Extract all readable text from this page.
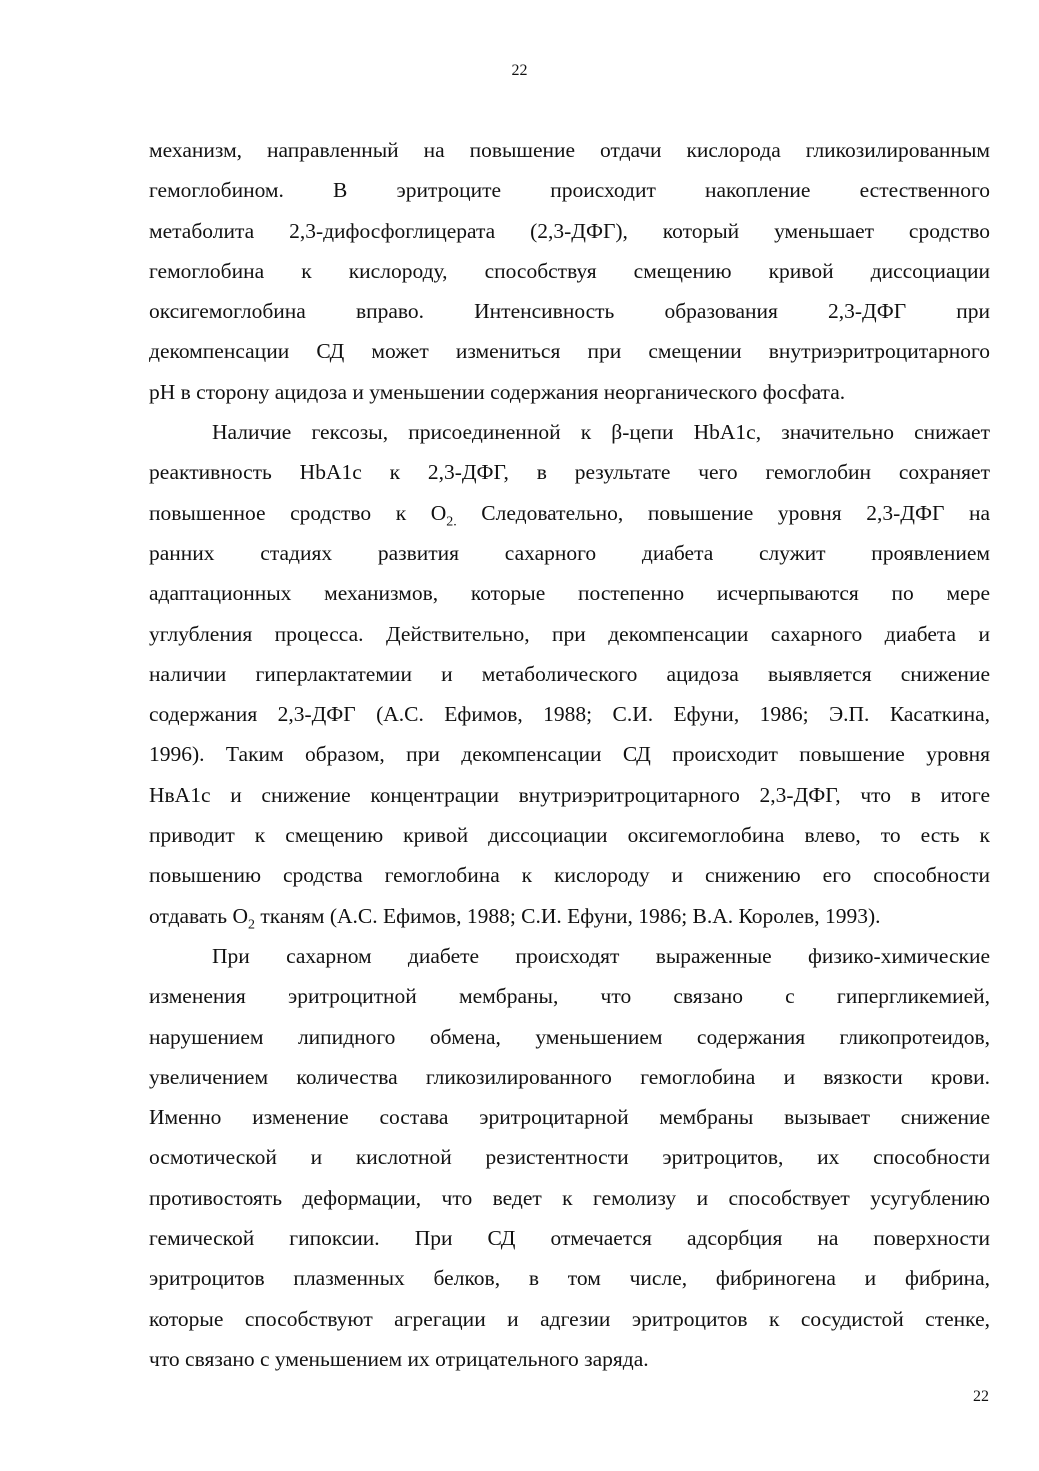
22

механизм, направленный на повышение отдачи кислорода гликозилированным
гемоглобином. В эритроците происходит накопление естественного
метаболита 2,3-дифосфоглицерата (2,3-ДФГ), который уменьшает сродство
гемоглобина к кислороду, способствуя смещению кривой диссоциации
оксигемоглобина вправо. Интенсивность образования 2,3-ДФГ при
декомпенсации СД может измениться при смещении внутриэритроцитарного
pH в сторону ацидоза и уменьшении содержания неорганического фосфата.

Наличие гексозы, присоединенной к β-цепи HbA1c, значительно снижает
реактивность HbA1c к 2,3-ДФГ, в результате чего гемоглобин сохраняет
повышенное сродство к $O_{2.}$ Следовательно, повышение уровня 2,3-ДФГ на
ранних стадиях развития сахарного диабета служит проявлением
адаптационных механизмов, которые постепенно исчерпываются по мере
углубления процесса. Действительно, при декомпенсации сахарного диабета и
наличии гиперлактатемии и метаболического ацидоза выявляется снижение
содержания 2,3-ДФГ (А.С. Ефимов, 1988; С.И. Ефуни, 1986; Э.П. Касаткина,
1996). Таким образом, при декомпенсации СД происходит повышение уровня
НвА1с и снижение концентрации внутриэритроцитарного 2,3-ДФГ, что в итоге
приводит к смещению кривой диссоциации оксигемоглобина влево, то есть к
повышению сродства гемоглобина к кислороду и снижению его способности
отдавать $O_2$ тканям (А.С. Ефимов, 1988; С.И. Ефуни, 1986; В.А. Королев, 1993).

При сахарном диабете происходят выраженные физико-химические
изменения эритроцитной мембраны, что связано с гипергликемией,
нарушением липидного обмена, уменьшением содержания гликопротеидов,
увеличением количества гликозилированного гемоглобина и вязкости крови.
Именно изменение состава эритроцитарной мембраны вызывает снижение
осмотической и кислотной резистентности эритроцитов, их способности
противостоять деформации, что ведет к гемолизу и способствует усугублению
гемической гипоксии. При СД отмечается адсорбция на поверхности
эритроцитов плазменных белков, в том числе, фибриногена и фибрина,
которые способствуют агрегации и адгезии эритроцитов к сосудистой стенке,
что связано с уменьшением их отрицательного заряда.

22
